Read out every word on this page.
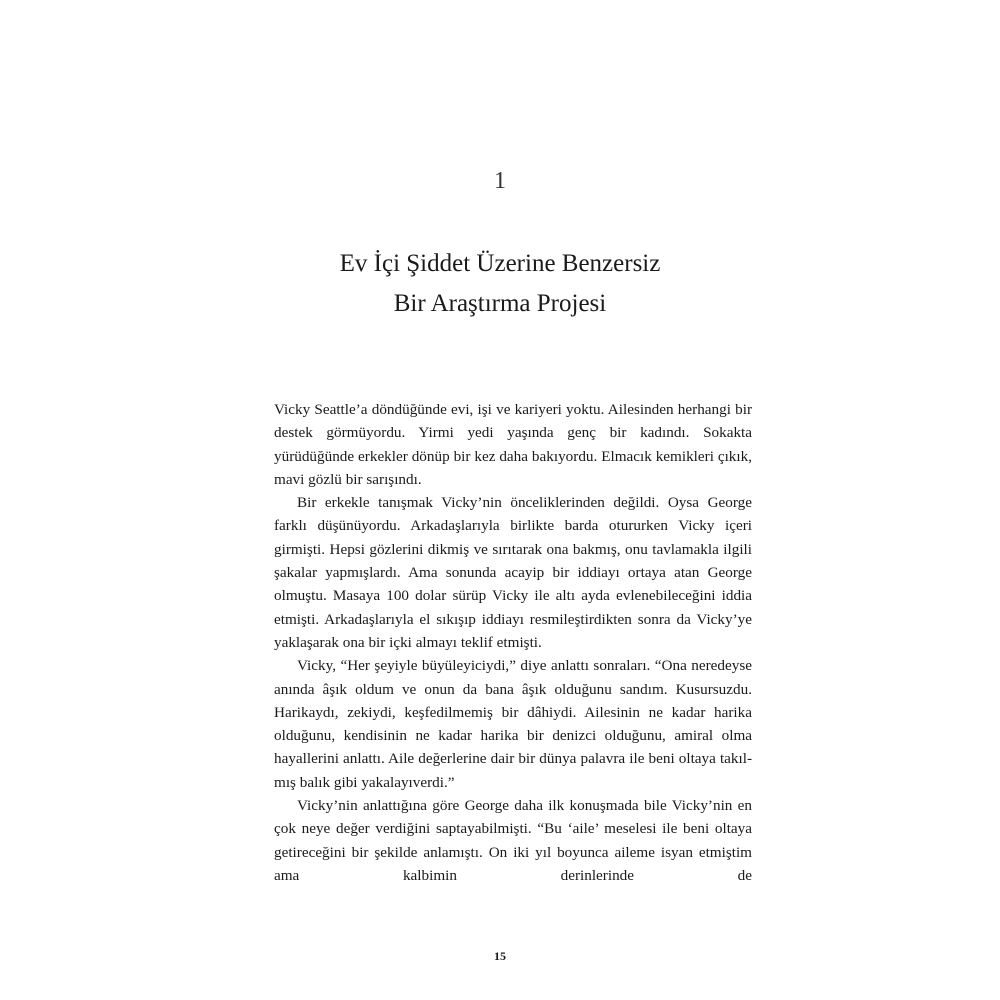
1
Ev İçi Şiddet Üzerine Benzersiz
Bir Araştırma Projesi

Vicky Seattle’a döndüğünde evi, işi ve kariyeri yoktu. Ailesinden herhangi bir destek görmüyordu. Yirmi yedi yaşında genç bir kadındı. Sokakta yürüdüğünde erkekler dönüp bir kez daha bakıyordu. Elmacık kemikleri çıkık, mavi gözlü bir sarışındı.

Bir erkekle tanışmak Vicky’nin önceliklerinden değildi. Oysa George farklı düşünüyordu. Arkadaşlarıyla birlikte barda otururken Vicky içeri girmişti. Hepsi gözlerini dikmiş ve sırıtarak ona bakmış, onu tavlamakla ilgili şakalar yapmışlardı. Ama sonunda acayip bir iddiayı ortaya atan George olmuştu. Masaya 100 dolar sürüp Vicky ile altı ayda evlenebileceğini iddia etmişti. Arkadaşlarıyla el sıkışıp iddiayı resmileştirdikten sonra da Vicky’ye yaklaşarak ona bir içki almayı teklif etmişti.

Vicky, “Her şeyiyle büyüleyiciydi,” diye anlattı sonraları. “Ona neredeyse anında âşık oldum ve onun da bana âşık olduğunu sandım. Kusursuzdu. Harikaydı, zekiydi, keşfedilmemiş bir dâhiydi. Ailesinin ne kadar harika olduğunu, kendisinin ne kadar harika bir denizci olduğunu, amiral olma hayallerini anlattı. Aile değerlerine dair bir dünya palavra ile beni oltaya takılmış balık gibi yakalayıverdi.”

Vicky’nin anlattığına göre George daha ilk konuşmada bile Vicky’nin en çok neye değer verdiğini saptayabilmişti. “Bu ‘aile’ meselesi ile beni oltaya getireceğini bir şekilde anlamıştı. On iki yıl boyunca aileme isyan etmiştim ama kalbimin derinlerinde de

15
